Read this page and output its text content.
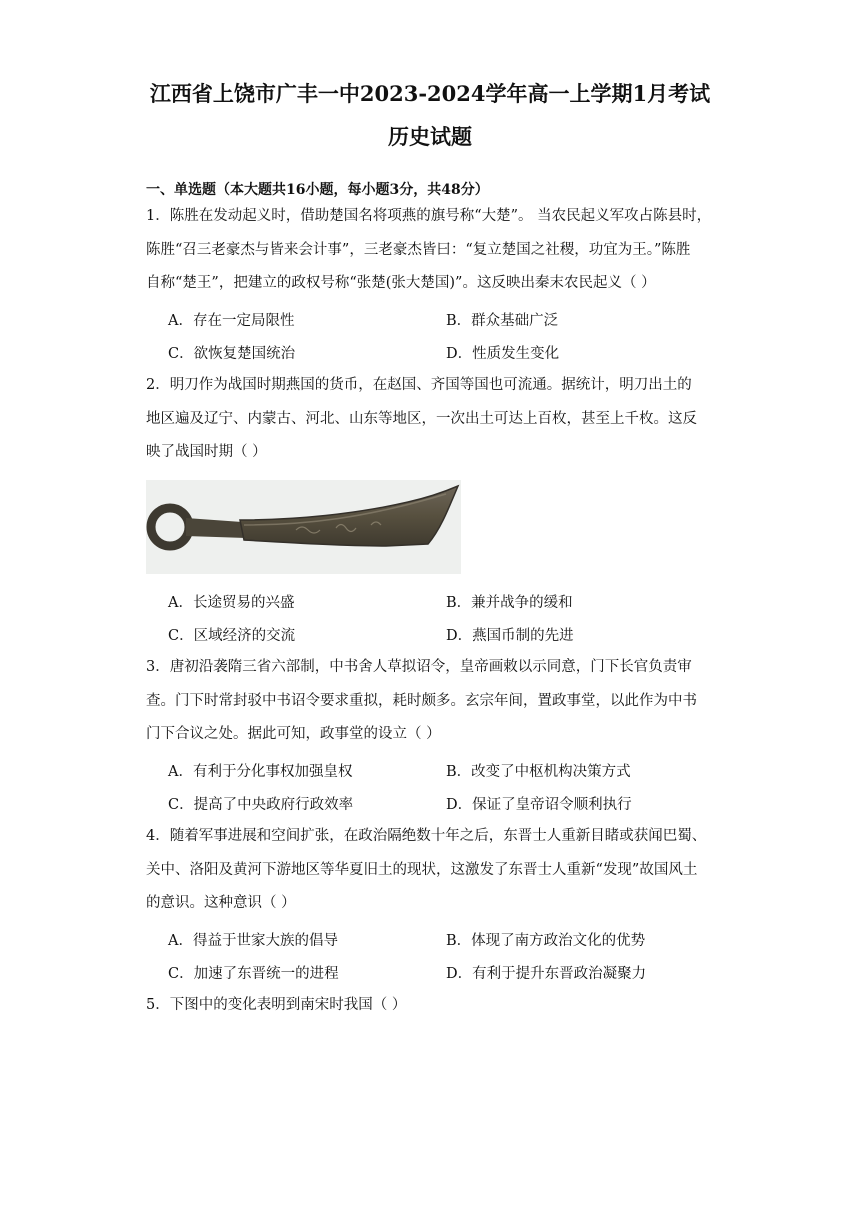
江西省上饶市广丰一中2023-2024学年高一上学期1月考试
历史试题
一、单选题（本大题共16小题，每小题3分，共48分）
1．陈胜在发动起义时，借助楚国名将项燕的旗号称“大楚”。 当农民起义军攻占陈县时，
陈胜“召三老豪杰与皆来会计事”，三老豪杰皆曰：“复立楚国之社稷，功宜为王。”陈胜
自称“楚王”，把建立的政权号称“张楚(张大楚国)”。这反映出秦末农民起义（ ）
A．存在一定局限性	B．群众基础广泛
C．欲恢复楚国统治	D．性质发生变化
2．明刀作为战国时期燕国的货币，在赵国、齐国等国也可流通。据统计，明刀出土的
地区遍及辽宁、内蒙古、河北、山东等地区，一次出土可达上百枚，甚至上千枚。这反
映了战国时期（ ）
A．长途贸易的兴盛	B．兼并战争的缓和
C．区域经济的交流	D．燕国币制的先进
3．唐初沿袭隋三省六部制，中书舍人草拟诏令，皇帝画敕以示同意，门下长官负责审
查。门下时常封驳中书诏令要求重拟，耗时颇多。玄宗年间，置政事堂，以此作为中书
门下合议之处。据此可知，政事堂的设立（ ）
A．有利于分化事权加强皇权	B．改变了中枢机构决策方式
C．提高了中央政府行政效率	D．保证了皇帝诏令顺利执行
4．随着军事进展和空间扩张，在政治隔绝数十年之后，东晋士人重新目睹或获闻巴蜀、
关中、洛阳及黄河下游地区等华夏旧土的现状，这激发了东晋士人重新“发现”故国风土
的意识。这种意识（ ）
A．得益于世家大族的倡导	B．体现了南方政治文化的优势
C．加速了东晋统一的进程	D．有利于提升东晋政治凝聚力
5．下图中的变化表明到南宋时我国（ ）
